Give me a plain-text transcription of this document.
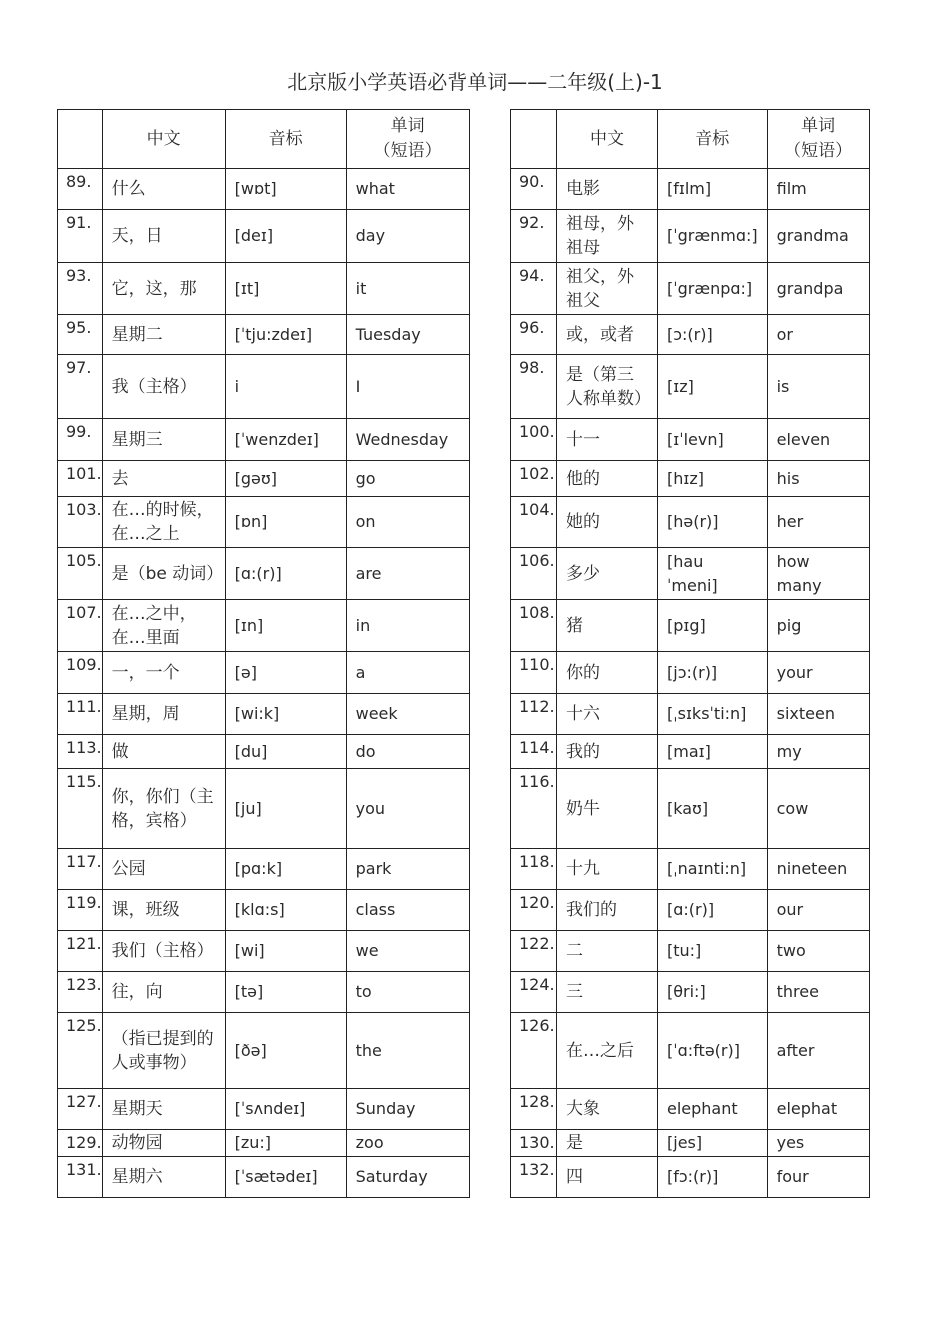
北京版小学英语必背单词——二年级(上)-1
	中文	音标	单词
（短语）

89.	什么	[wɒt]	what
91.	天，日	[deɪ]	day
93.	它，这，那	[ɪt]	it
95.	星期二	[ˈtju:zdeɪ]	Tuesday
97.	我（主格）	i	I
99.	星期三	[ˈwenzdeɪ]	Wednesday
101.	去	[gəʊ]	go
103.	在…的时候，在…之上	[ɒn]	on
105.	是（be 动词）	[ɑ:(r)]	are
107.	在…之中，在…里面	[ɪn]	in
109.	一，一个	[ə]	a
111.	星期，周	[wi:k]	week
113.	做	[du]	do
115.	你，你们（主格，宾格）	[ju]	you
117.	公园	[pɑ:k]	park
119.	课，班级	[klɑ:s]	class
121.	我们（主格）	[wi]	we
123.	往，向	[tə]	to
125.	（指已提到的人或事物）	[ðə]	the
127.	星期天	[ˈsʌndeɪ]	Sunday
129.	动物园	[zu:]	zoo
131.	星期六	[ˈsætədeɪ]	Saturday
	中文	音标	单词
（短语）

90.	电影	[fɪlm]	film
92.	祖母，外祖母	[ˈgrænmɑ:]	grandma
94.	祖父，外祖父	[ˈgrænpɑ:]	grandpa
96.	或，或者	[ɔ:(r)]	or
98.	是（第三人称单数）	[ɪz]	is
100.	十一	[ɪˈlevn]	eleven
102.	他的	[hɪz]	his
104.	她的	[hə(r)]	her
106.	多少	[hau ˈmeni]	how many
108.	猪	[pɪg]	pig
110.	你的	[jɔ:(r)]	your
112.	十六	[ˌsɪksˈti:n]	sixteen
114.	我的	[maɪ]	my
116.	奶牛	[kaʊ]	cow
118.	十九	[ˌnaɪnti:n]	nineteen
120.	我们的	[ɑ:(r)]	our
122.	二	[tu:]	two
124.	三	[θri:]	three
126.	在…之后	[ˈɑ:ftə(r)]	after
128.	大象	elephant	elephat
130.	是	[jes]	yes
132.	四	[fɔ:(r)]	four
